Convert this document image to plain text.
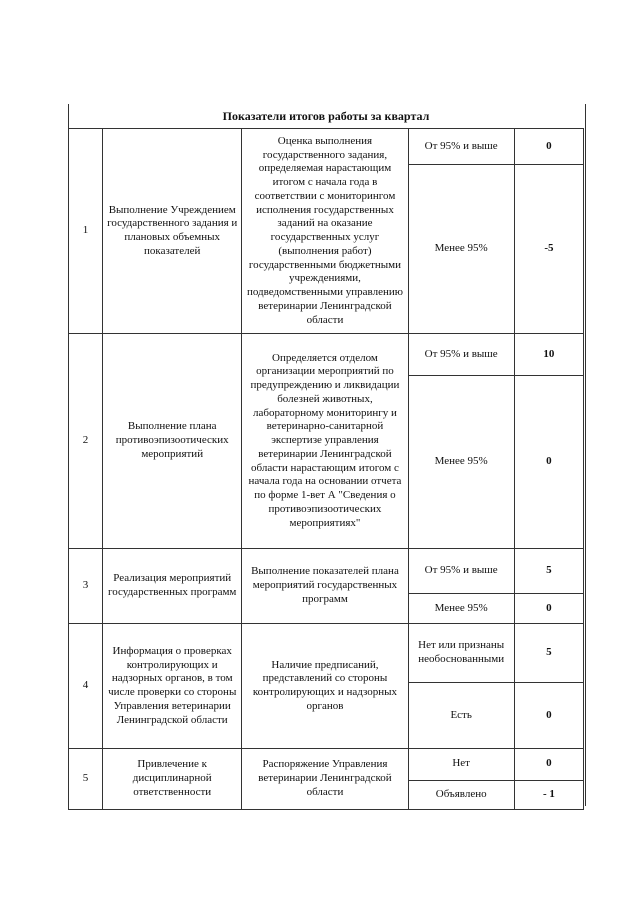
Показатели итогов работы за квартал
1	Выполнение Учреждением государственного задания и плановых объемных показателей	Оценка выполнения государственного задания, определяемая нарастающим итогом с начала года в соответствии с мониторингом исполнения государственных заданий на оказание государственных услуг (выполнения работ) государственными бюджетными учреждениями, подведомственными управлению ветеринарии Ленинградской области	От 95% и выше	0
			Менее 95%	-5
2	Выполнение плана противоэпизоотических мероприятий	Определяется отделом организации мероприятий по предупреждению и ликвидации болезней животных, лабораторному мониторингу и ветеринарно-санитарной экспертизе управления ветеринарии Ленинградской области нарастающим итогом с начала года на основании отчета по форме 1-вет А "Сведения о противоэпизоотических мероприятиях"	От 95% и выше	10
			Менее 95%	0
3	Реализация мероприятий государственных программ	Выполнение показателей плана мероприятий государственных программ	От 95% и выше	5
			Менее 95%	0
4	Информация о проверках контролирующих и надзорных органов, в том числе проверки со стороны Управления ветеринарии Ленинградской области	Наличие предписаний, представлений со стороны контролирующих и надзорных органов	Нет или признаны необоснованными	5
			Есть	0
5	Привлечение к дисциплинарной ответственности	Распоряжение Управления ветеринарии Ленинградской области	Нет	0
			Объявлено	- 1
